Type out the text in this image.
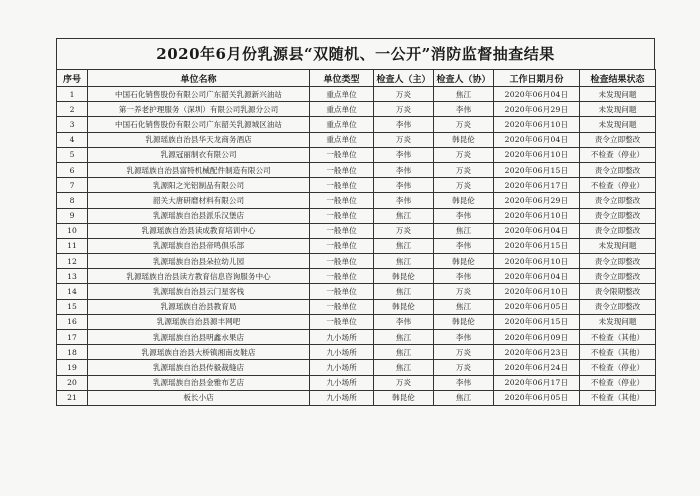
2020年6月份乳源县“双随机、一公开”消防监督抽查结果
序号	单位名称	单位类型	检查人（主）	检查人（协）	工作日期月份	检查结果状态
1	中国石化销售股份有限公司广东韶关乳源新兴油站	重点单位	万炎	焦江	2020年06月04日	未发现问题
2	第一养老护理服务（深圳）有限公司乳源分公司	重点单位	万炎	李伟	2020年06月29日	未发现问题
3	中国石化销售股份有限公司广东韶关乳源城区油站	重点单位	李伟	万炎	2020年06月10日	未发现问题
4	乳源瑶族自治县华天龙商务酒店	重点单位	万炎	韩昆伦	2020年06月04日	责令立即整改
5	乳源冠丽制衣有限公司	一般单位	李伟	万炎	2020年06月10日	不检查（停业）
6	乳源瑶族自治县富特机械配件制造有限公司	一般单位	李伟	万炎	2020年06月15日	责令立即整改
7	乳源阳之光铝制品有限公司	一般单位	李伟	万炎	2020年06月17日	不检查（停业）
8	韶关大唐研磨材料有限公司	一般单位	李伟	韩昆伦	2020年06月29日	责令立即整改
9	乳源瑶族自治县派乐汉堡店	一般单位	焦江	李伟	2020年06月10日	责令立即整改
10	乳源瑶族自治县读成教育培训中心	一般单位	万炎	焦江	2020年06月04日	责令立即整改
11	乳源瑶族自治县帝鸣俱乐部	一般单位	焦江	李伟	2020年06月15日	未发现问题
12	乳源瑶族自治县朵拉幼儿园	一般单位	焦江	韩昆伦	2020年06月10日	责令立即整改
13	乳源瑶族自治县读方教育信息咨询服务中心	一般单位	韩昆伦	李伟	2020年06月04日	责令立即整改
14	乳源瑶族自治县云门星客栈	一般单位	焦江	万炎	2020年06月10日	责令限期整改
15	乳源瑶族自治县教育局	一般单位	韩昆伦	焦江	2020年06月05日	责令立即整改
16	乳源瑶族自治县源丰网吧	一般单位	李伟	韩昆伦	2020年06月15日	未发现问题
17	乳源瑶族自治县明鑫水果店	九小场所	焦江	李伟	2020年06月09日	不检查（其他）
18	乳源瑶族自治县大桥镇湘南皮鞋店	九小场所	焦江	万炎	2020年06月23日	不检查（其他）
19	乳源瑶族自治县传毅裁缝店	九小场所	焦江	万炎	2020年06月24日	不检查（停业）
20	乳源瑶族自治县金雅布艺店	九小场所	万炎	李伟	2020年06月17日	不检查（停业）
21	板长小店	九小场所	韩昆伦	焦江	2020年06月05日	不检查（其他）
